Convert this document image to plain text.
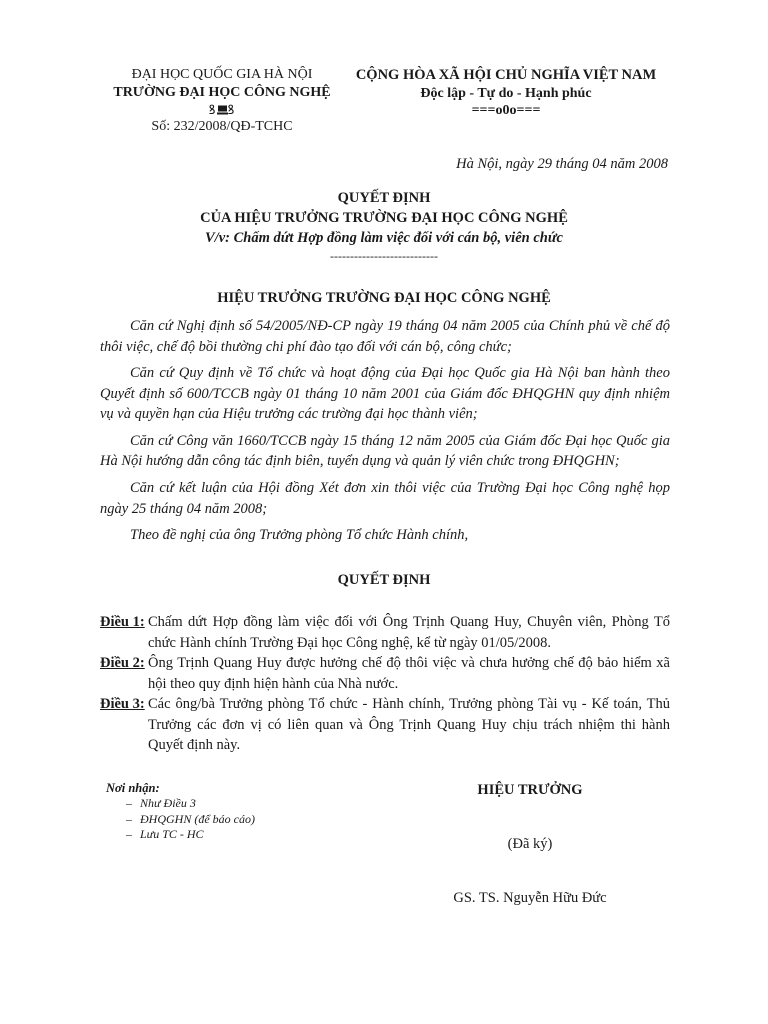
ĐẠI HỌC QUỐC GIA HÀ NỘI
TRƯỜNG ĐẠI HỌC CÔNG NGHỆ
ꝸ ꝸ
Số: 232/2008/QĐ-TCHC
CỘNG HÒA XÃ HỘI CHỦ NGHĨA VIỆT NAM
Độc lập - Tự do - Hạnh phúc
===o0o===
Hà Nội, ngày 29 tháng 04 năm 2008
QUYẾT ĐỊNH
CỦA HIỆU TRƯỞNG TRƯỜNG ĐẠI HỌC CÔNG NGHỆ
V/v: Chấm dứt Hợp đồng làm việc đối với cán bộ, viên chức
---------------------------
HIỆU TRƯỞNG TRƯỜNG ĐẠI HỌC CÔNG NGHỆ

Căn cứ Nghị định số 54/2005/NĐ-CP ngày 19 tháng 04 năm 2005 của Chính phủ về chế độ thôi việc, chế độ bồi thường chi phí đào tạo đối với cán bộ, công chức;

Căn cứ Quy định về Tổ chức và hoạt động của Đại học Quốc gia Hà Nội ban hành theo Quyết định số 600/TCCB ngày 01 tháng 10 năm 2001 của Giám đốc ĐHQGHN quy định nhiệm vụ và quyền hạn của Hiệu trưởng các trường đại học thành viên;

Căn cứ Công văn 1660/TCCB ngày 15 tháng 12 năm 2005 của Giám đốc Đại học Quốc gia Hà Nội hướng dẫn công tác định biên, tuyển dụng và quản lý viên chức trong ĐHQGHN;

Căn cứ kết luận của Hội đồng Xét đơn xin thôi việc của Trường Đại học Công nghệ họp ngày 25 tháng 04 năm 2008;

Theo đề nghị của ông Trưởng phòng Tổ chức Hành chính,

QUYẾT ĐỊNH
Điều 1: Chấm dứt Hợp đồng làm việc đối với Ông Trịnh Quang Huy, Chuyên viên, Phòng Tổ chức Hành chính Trường Đại học Công nghệ, kể từ ngày 01/05/2008.
Điều 2: Ông Trịnh Quang Huy được hưởng chế độ thôi việc và chưa hưởng chế độ bảo hiểm xã hội theo quy định hiện hành của Nhà nước.
Điều 3: Các ông/bà Trưởng phòng Tổ chức - Hành chính, Trưởng phòng Tài vụ - Kế toán, Thủ Trưởng các đơn vị có liên quan và Ông Trịnh Quang Huy chịu trách nhiệm thi hành Quyết định này.
Nơi nhận:
– Như Điều 3
– ĐHQGHN (để báo cáo)
– Lưu TC - HC
HIỆU TRƯỞNG
(Đã ký)
GS. TS. Nguyễn Hữu Đức
